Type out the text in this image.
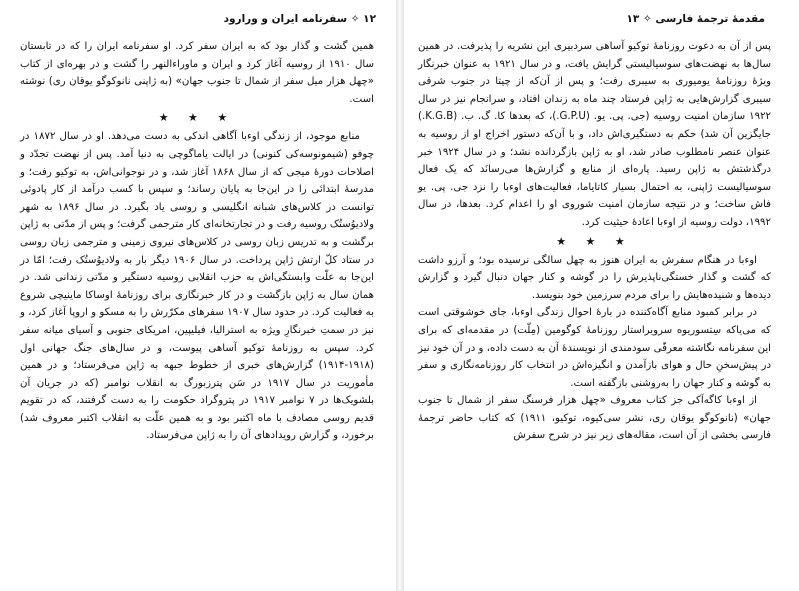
۱۲ ✧ سفرنامه ایران و ورارود

همین گشت و گذار بود که به ایران سفر کرد. او سفرنامه ایران را که در تابستان سال ۱۹۱۰ از روسیه آغاز کرد و ایران و ماوراءالنهر را گشت و در بهره‌ای از کتاب «چهل هزار میل سفر از شمال تا جنوب جهان» (به ژاپنی نانوکوگو یوقان ری) نوشته است.

★ ★ ★

منابع موجود، از زندگی اوءبا آگاهی اندکی به دست می‌دهد. او در سال ۱۸۷۲ در چوفو (شیمونوسه‌کی کنونی) در ایالت یاماگوچی به دنیا آمد. پس از نهضت تجدّد و اصلاحات دورهٔ میجی که از سال ۱۸۶۸ آغاز شد، و در نوجوانی‌اش، به توکیو رفت؛ و مدرسهٔ ابتدائی را در این‌جا به پایان رساند؛ و سپس با کسب درآمد از کار پادوئی توانست در کلاس‌های شبانه انگلیسی و روسی یاد بگیرد. در سال ۱۸۹۶ به شهر ولادیوُستُک روسیه رفت و در تجارتخانه‌ای کار مترجمی گرفت؛ و پس از مدّتی به ژاپن برگشت و به تدریس زبان روسی در کلاس‌های نیروی زمینی و مترجمی زبان روسی در ستاد کلّ ارتش ژاپن پرداخت. در سال ۱۹۰۶ دیگر بار به ولادیوُستُک رفت؛ امّا در این‌جا به علّت وابستگی‌اش به حزب انقلابی روسیه دستگیر و مدّتی زندانی شد. در همان سال به ژاپن بازگشت و در کار خبرنگاری برای روزنامهٔ اوساکا ماینیچی شروع به فعالیت کرد. در حدود سال ۱۹۰۷ سفرهای مکرّرش را به مسکو و اروپا آغاز کرد، و نیز در سمتِ خبرنگارِ ویژه به استرالیا، فیلیپین، امریکای جنوبی و آسیای میانه سفر کرد. سپس به روزنامهٔ توکیو آساهی پیوست، و در سال‌های جنگ جهانی اول (۱۹۱۸-۱۹۱۴) گزارش‌های خبری از خطوط جبهه به ژاپن می‌فرستاد؛ و در همین مأموریت در سال ۱۹۱۷ در سَن پترزبورگ به انقلاب نوامبر (که در جریان آن بلشویک‌ها در ۷ نوامبر ۱۹۱۷ در پتروگراد حکومت را به دست گرفتند، که در تقویم قدیم روسی مصادف با ماه اکتبر بود و به همین علّت به انقلاب اکتبر معروف شد) برخورد، و گزارش رویدادهای آن را به ژاپن می‌فرستاد.

مقدمهٔ ترجمهٔ فارسی ✧ ۱۳

پس از آن به دعوت روزنامهٔ توکیو آساهی سردبیری این نشریه را پذیرفت. در همین سال‌ها به نهضت‌های سوسیالیستی گرایش یافت، و در سال ۱۹۲۱ به عنوان خبرنگار ویژهٔ روزنامهٔ یومیوری به سیبری رفت؛ و پس از آن‌که از چیتا در جنوب شرقی سیبری گزارش‌هایی به ژاپن فرستاد چند ماه به زندان افتاد، و سرانجام نیز در سال ۱۹۲۲ سازمان امنیت روسیه (جی. پی. یو. (G.P.U.)، که بعدها کا. گ. ب. (K.G.B.) جایگزین آن شد) حکم به دستگیری‌اش داد، و با آن‌که دستور اخراج او از روسیه به عنوان عنصر نامطلوب صادر شد، او به ژاپن بازگردانده نشد؛ و در سال ۱۹۲۴ خبر درگذشتش به ژاپن رسید. پاره‌ای از منابع و گزارش‌ها می‌رسانَد که یک فعال سوسیالیست ژاپنی، به احتمال بسیار کاتایاما، فعالیت‌های اوءبا را نزد جی. پی. یو فاش ساخت؛ و در نتیجه سازمان امنیت شوروی او را اعدام کرد. بعدها، در سال ۱۹۹۲، دولت روسیه از اوءبا اعادهٔ حیثیت کرد.

★ ★ ★

اوءبا در هنگام سفرش به ایران هنوز به چهل سالگی نرسیده بود؛ و آرزو داشت که گشت و گذار خستگی‌ناپذیرش را در گوشه و کنار جهان دنبال گیرد و گزارش دیده‌ها و شنیده‌هایش را برای مردم سرزمین خود بنویسد.

در برابر کمبود منابع آگاه‌کننده در بارهٔ احوال زندگی اوءبا، جای خوشوقتی است که می‌یاکه سِتسوریوه سرویراستار روزنامهٔ کوگومین (مِلّت) در مقدمه‌ای که برای این سفرنامه نگاشته معرفّی سودمندی از نویسندهٔ آن به دست داده، و در آن خود نیز در پیش‌سخنِ حال و هوای بازآمدن و انگیزه‌اش در انتخاب کار روزنامه‌نگاری و سفر به گوشه و کنار جهان را به‌روشنی بازگفته است.

از اوءبا کاگه‌آکی جز کتاب معروف «چهل هزار فرسنگ سفر از شمال تا جنوب جهان» (نانوکوگو یوقان ری، نشر سی‌کیوه، توکیو، ۱۹۱۱) که کتاب حاضر ترجمهٔ فارسی بخشی از آن است، مقاله‌های زیر نیز در شرح سفرش
